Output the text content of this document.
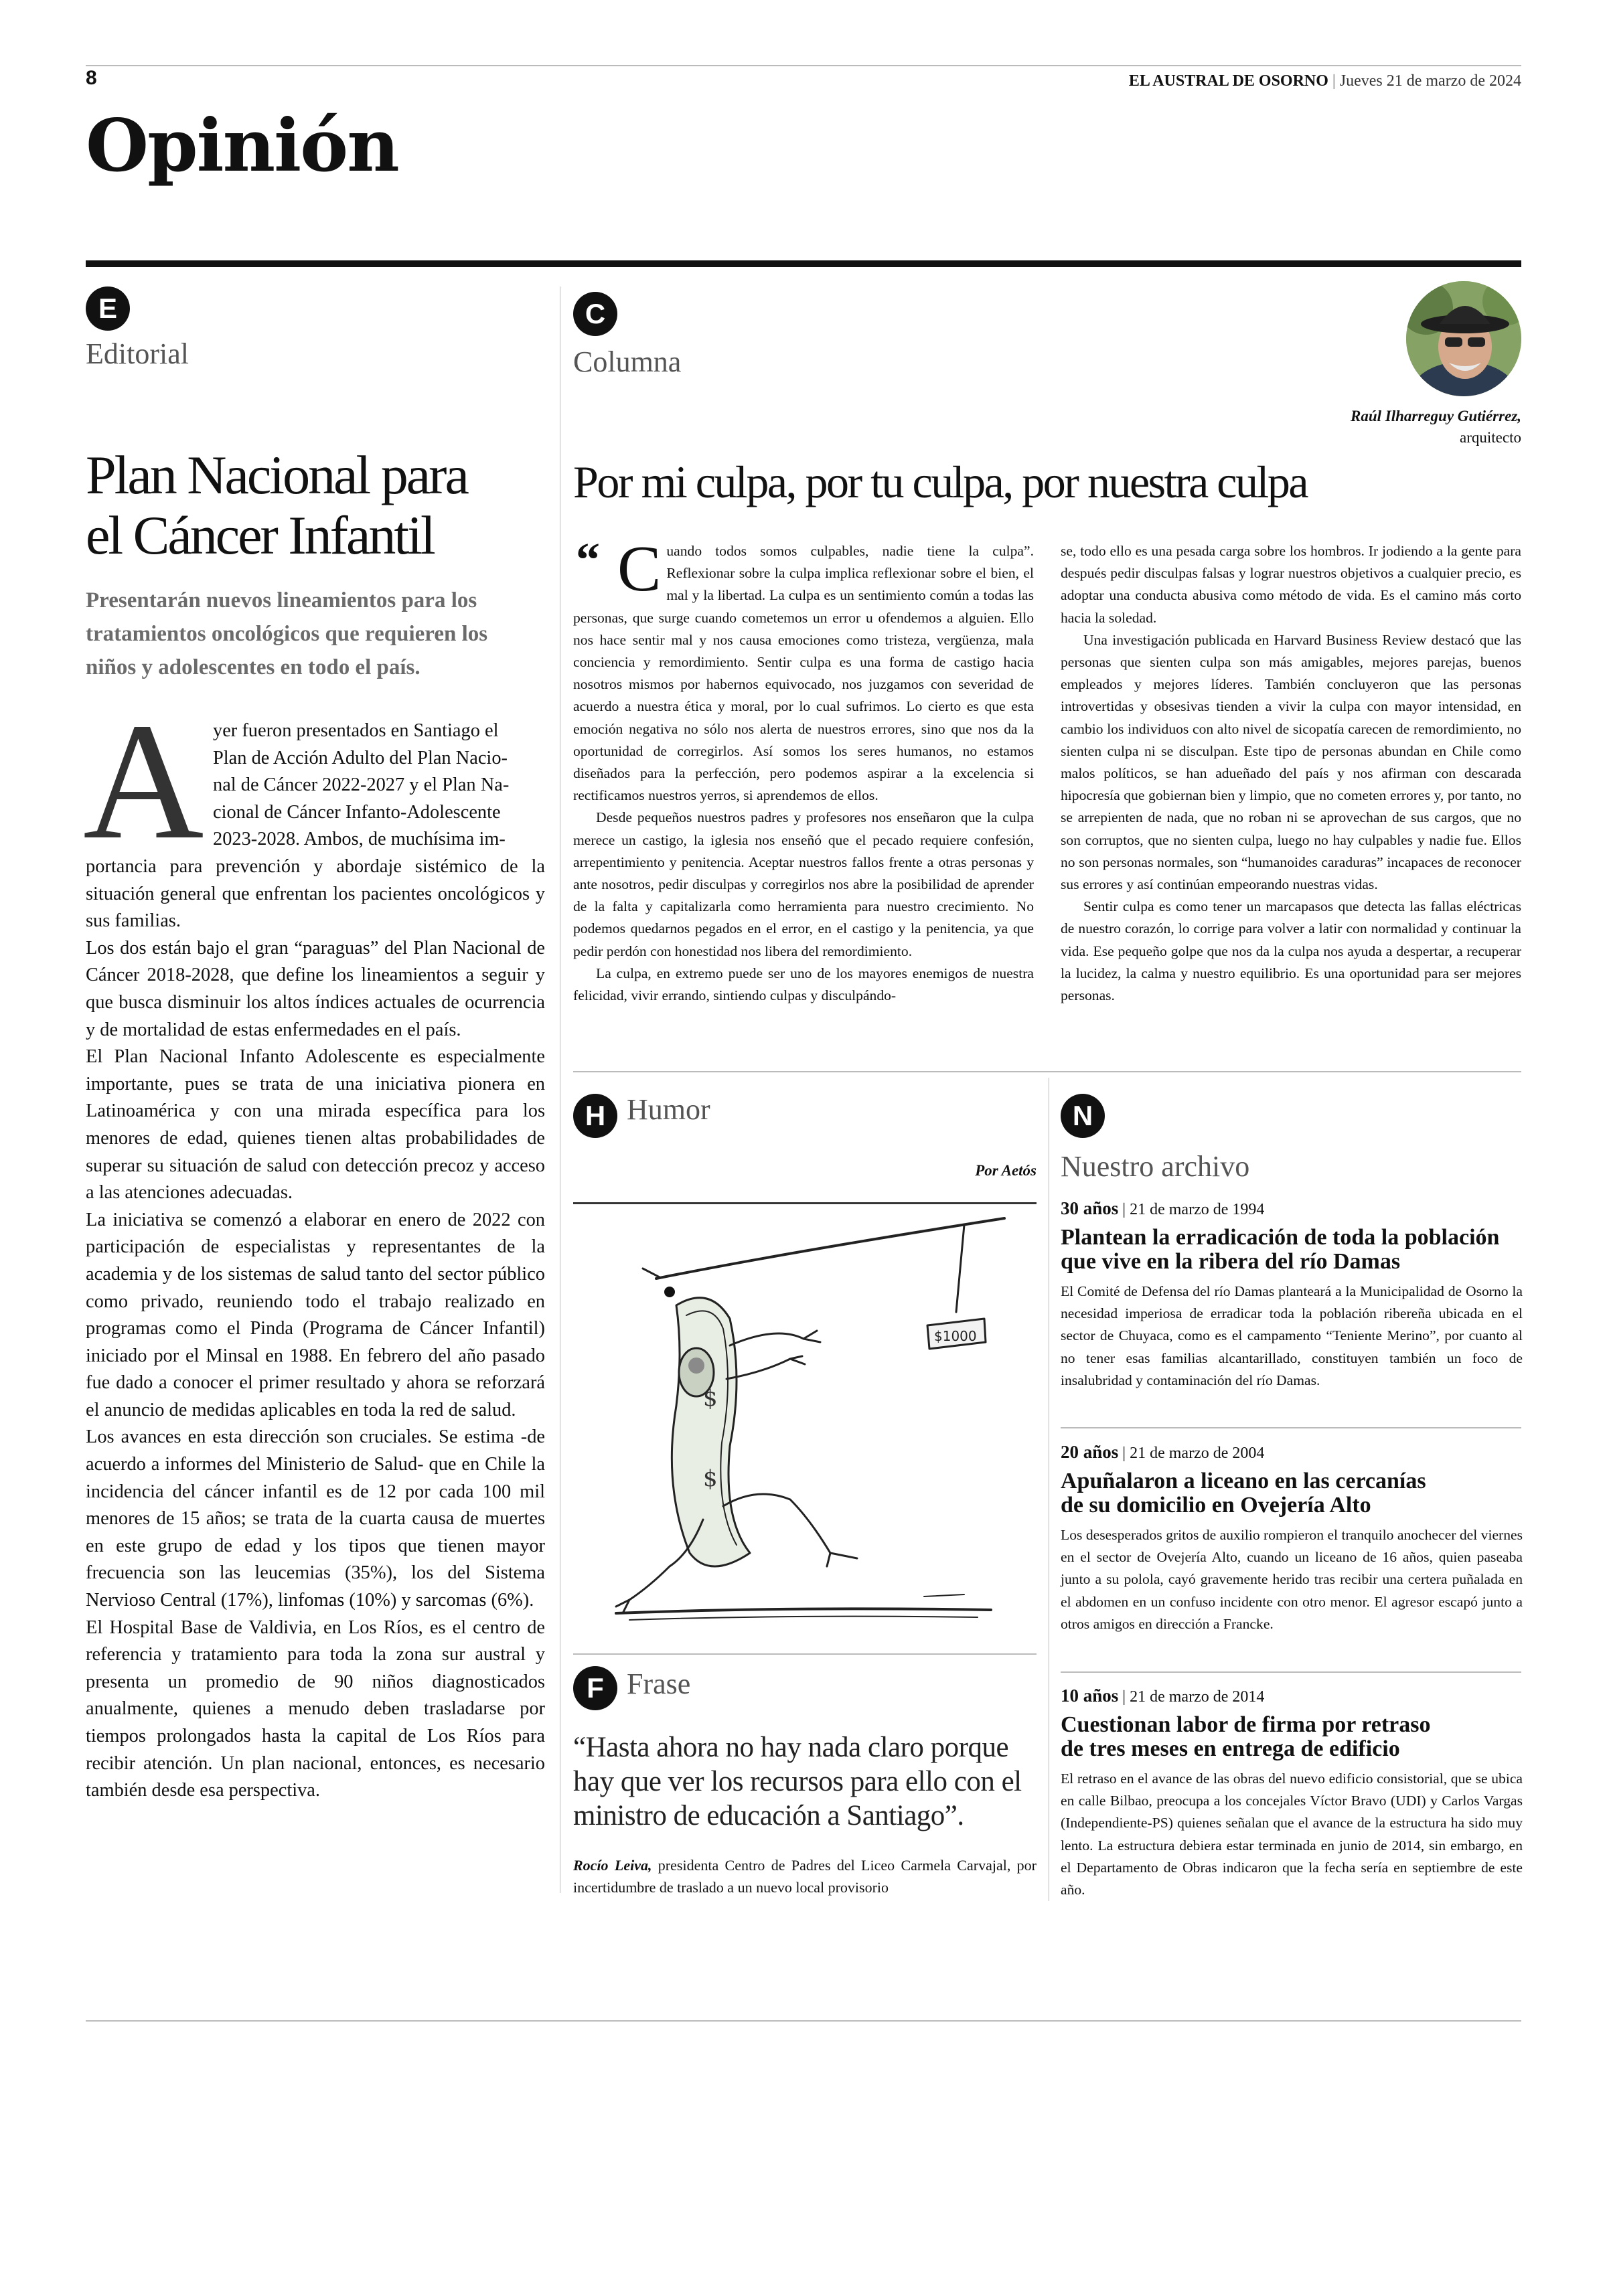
8	EL AUSTRAL DE OSORNO | Jueves 21 de marzo de 2024
Opinión
E
Editorial
Plan Nacional para
el Cáncer Infantil

Presentarán nuevos lineamientos para los tratamientos oncológicos que requieren los niños y adolescentes en todo el país.

A yer fueron presentados en Santiago el
Plan de Acción Adulto del Plan Nacio-
nal de Cáncer 2022-2027 y el Plan Na-
cional de Cáncer Infanto-Adolescente
2023-2028. Ambos, de muchísima im-

portancia para prevención y abordaje sistémico de la situación general que enfrentan los pacientes oncológicos y sus familias.

Los dos están bajo el gran “paraguas” del Plan Nacional de Cáncer 2018-2028, que define los lineamientos a seguir y que busca disminuir los altos índices actuales de ocurrencia y de mortalidad de estas enfermedades en el país.

El Plan Nacional Infanto Adolescente es especialmente importante, pues se trata de una iniciativa pionera en Latinoamérica y con una mirada específica para los menores de edad, quienes tienen altas probabilidades de superar su situación de salud con detección precoz y acceso a las atenciones adecuadas.

La iniciativa se comenzó a elaborar en enero de 2022 con participación de especialistas y representantes de la academia y de los sistemas de salud tanto del sector público como privado, reuniendo todo el trabajo realizado en programas como el Pinda (Programa de Cáncer Infantil) iniciado por el Minsal en 1988. En febrero del año pasado fue dado a conocer el primer resultado y ahora se reforzará el anuncio de medidas aplicables en toda la red de salud.

Los avances en esta dirección son cruciales. Se estima -de acuerdo a informes del Ministerio de Salud- que en Chile la incidencia del cáncer infantil es de 12 por cada 100 mil menores de 15 años; se trata de la cuarta causa de muertes en este grupo de edad y los tipos que tienen mayor frecuencia son las leucemias (35%), los del Sistema Nervioso Central (17%), linfomas (10%) y sarcomas (6%).

El Hospital Base de Valdivia, en Los Ríos, es el centro de referencia y tratamiento para toda la zona sur austral y presenta un promedio de 90 niños diagnosticados anualmente, quienes a menudo deben trasladarse por tiempos prolongados hasta la capital de Los Ríos para recibir atención. Un plan nacional, entonces, es necesario también desde esa perspectiva.

C
Columna
Raúl Ilharreguy Gutiérrez,
arquitecto
Por mi culpa, por tu culpa, por nuestra culpa
“ C uando todos somos culpables, nadie tiene la culpa”. Reflexionar sobre la culpa implica reflexionar sobre el bien, el mal y la libertad. La culpa es un sentimiento común a todas las personas, que surge cuando cometemos un error u ofendemos a alguien. Ello nos hace sentir mal y nos causa emociones como tristeza, vergüenza, mala conciencia y remordimiento. Sentir culpa es una forma de castigo hacia nosotros mismos por habernos equivocado, nos juzgamos con severidad de acuerdo a nuestra ética y moral, por lo cual sufrimos. Lo cierto es que esta emoción negativa no sólo nos alerta de nuestros errores, sino que nos da la oportunidad de corregirlos. Así somos los seres humanos, no estamos diseñados para la perfección, pero podemos aspirar a la excelencia si rectificamos nuestros yerros, si aprendemos de ellos.

Desde pequeños nuestros padres y profesores nos enseñaron que la culpa merece un castigo, la iglesia nos enseñó que el pecado requiere confesión, arrepentimiento y penitencia. Aceptar nuestros fallos frente a otras personas y ante nosotros, pedir disculpas y corregirlos nos abre la posibilidad de aprender de la falta y capitalizarla como herramienta para nuestro crecimiento. No podemos quedarnos pegados en el error, en el castigo y la penitencia, ya que pedir perdón con honestidad nos libera del remordimiento.

La culpa, en extremo puede ser uno de los mayores enemigos de nuestra felicidad, vivir errando, sintiendo culpas y disculpándo-

se, todo ello es una pesada carga sobre los hombros. Ir jodiendo a la gente para después pedir disculpas falsas y lograr nuestros objetivos a cualquier precio, es adoptar una conducta abusiva como método de vida. Es el camino más corto hacia la soledad.

Una investigación publicada en Harvard Business Review destacó que las personas que sienten culpa son más amigables, mejores parejas, buenos empleados y mejores líderes. También concluyeron que las personas introvertidas y obsesivas tienden a vivir la culpa con mayor intensidad, en cambio los individuos con alto nivel de sicopatía carecen de remordimiento, no sienten culpa ni se disculpan. Este tipo de personas abundan en Chile como malos políticos, se han adueñado del país y nos afirman con descarada hipocresía que gobiernan bien y limpio, que no cometen errores y, por tanto, no se arrepienten de nada, que no roban ni se aprovechan de sus cargos, que no son corruptos, que no sienten culpa, luego no hay culpables y nadie fue. Ellos no son personas normales, son “humanoides caraduras” incapaces de reconocer sus errores y así continúan empeorando nuestras vidas.

Sentir culpa es como tener un marcapasos que detecta las fallas eléctricas de nuestro corazón, lo corrige para volver a latir con normalidad y continuar la vida. Ese pequeño golpe que nos da la culpa nos ayuda a despertar, a recuperar la lucidez, la calma y nuestro equilibrio. Es una oportunidad para ser mejores personas.

H Humor
Por Aetós
$1000
$
$
F Frase

“Hasta ahora no hay nada claro porque hay que ver los recursos para ello con el ministro de educación a Santiago”.

Rocío Leiva, presidenta Centro de Padres del Liceo Carmela Carvajal, por incertidumbre de traslado a un nuevo local provisorio

N
Nuestro archivo
30 años | 21 de marzo de 1994
Plantean la erradicación de toda la población
que vive en la ribera del río Damas

El Comité de Defensa del río Damas planteará a la Municipalidad de Osorno la necesidad imperiosa de erradicar toda la población ribereña ubicada en el sector de Chuyaca, como es el campamento “Teniente Merino”, por cuanto al no tener esas familias alcantarillado, constituyen también un foco de insalubridad y contaminación del río Damas.

20 años | 21 de marzo de 2004
Apuñalaron a liceano en las cercanías
de su domicilio en Ovejería Alto

Los desesperados gritos de auxilio rompieron el tranquilo anochecer del viernes en el sector de Ovejería Alto, cuando un liceano de 16 años, quien paseaba junto a su polola, cayó gravemente herido tras recibir una certera puñalada en el abdomen en un confuso incidente con otro menor. El agresor escapó junto a otros amigos en dirección a Francke.

10 años | 21 de marzo de 2014
Cuestionan labor de firma por retraso
de tres meses en entrega de edificio

El retraso en el avance de las obras del nuevo edificio consistorial, que se ubica en calle Bilbao, preocupa a los concejales Víctor Bravo (UDI) y Carlos Vargas (Independiente-PS) quienes señalan que el avance de la estructura ha sido muy lento. La estructura debiera estar terminada en junio de 2014, sin embargo, en el Departamento de Obras indicaron que la fecha sería en septiembre de este año.
